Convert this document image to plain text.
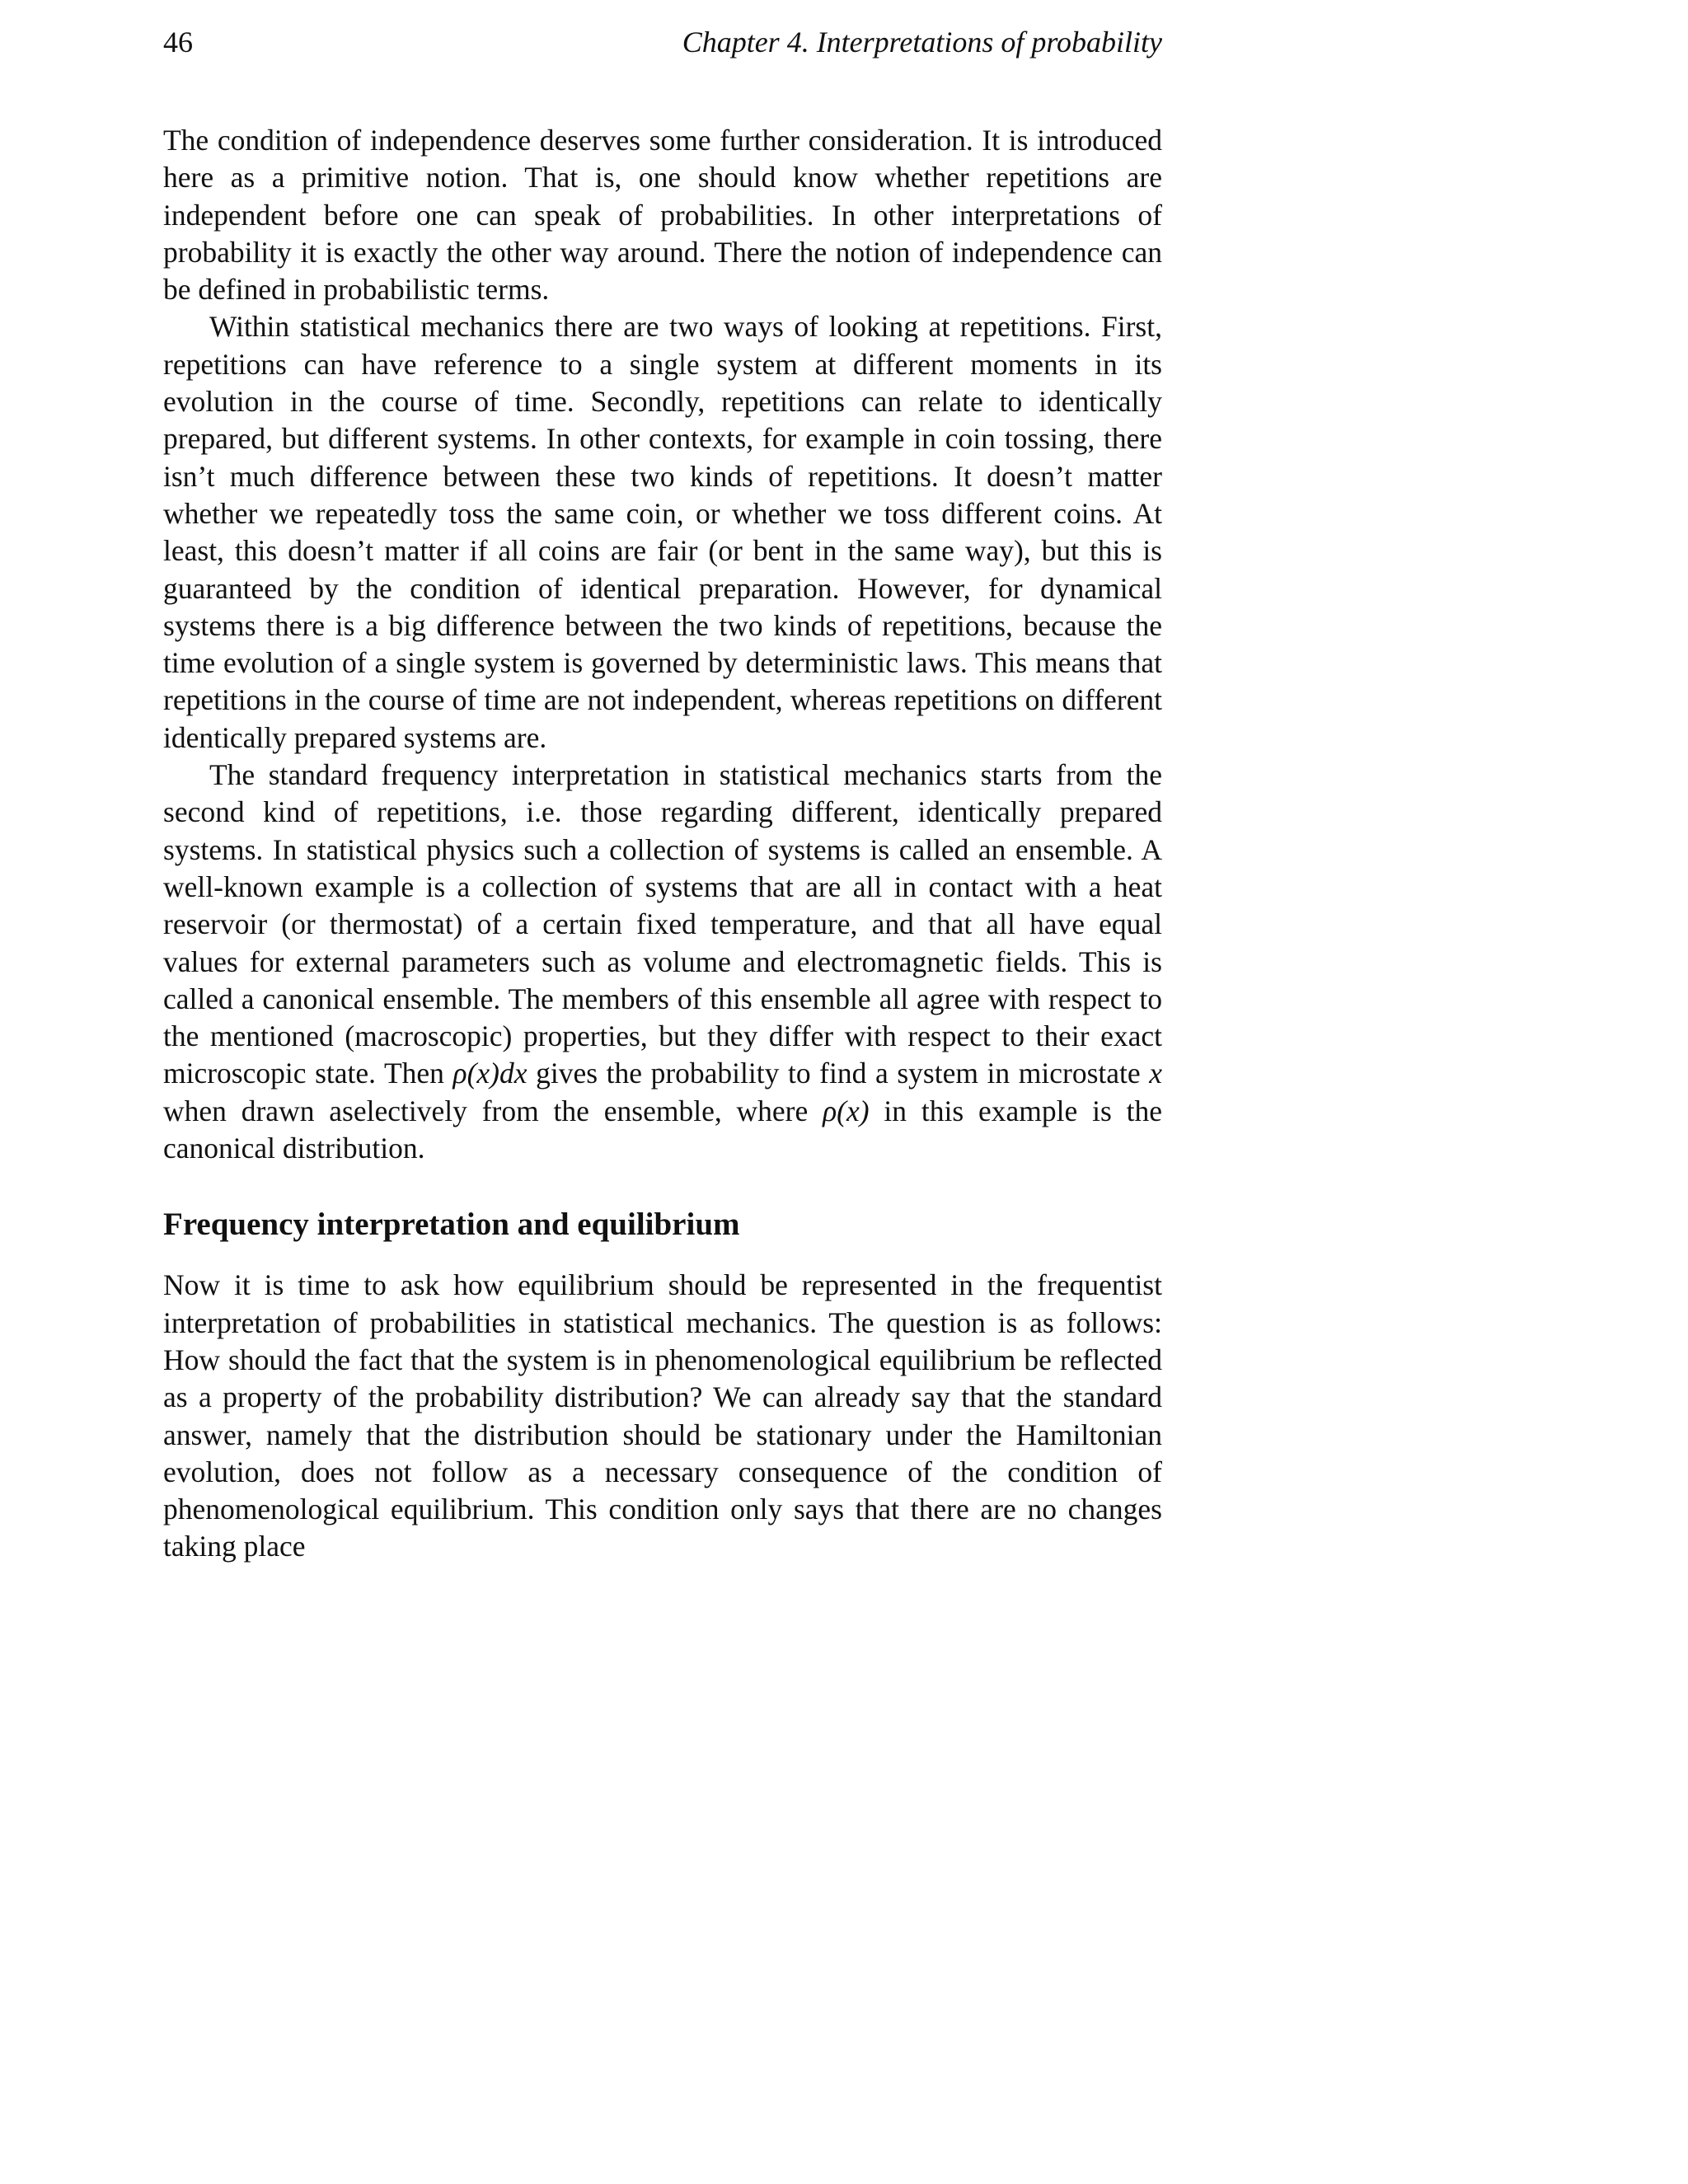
46	Chapter 4. Interpretations of probability

The condition of independence deserves some further consideration. It is introduced here as a primitive notion. That is, one should know whether repetitions are independent before one can speak of probabilities. In other interpretations of probability it is exactly the other way around. There the notion of independence can be defined in probabilistic terms.

Within statistical mechanics there are two ways of looking at repetitions. First, repetitions can have reference to a single system at different moments in its evolution in the course of time. Secondly, repetitions can relate to identically prepared, but different systems. In other contexts, for example in coin tossing, there isn’t much difference between these two kinds of repetitions. It doesn’t matter whether we repeatedly toss the same coin, or whether we toss different coins. At least, this doesn’t matter if all coins are fair (or bent in the same way), but this is guaranteed by the condition of identical preparation. However, for dynamical systems there is a big difference between the two kinds of repetitions, because the time evolution of a single system is governed by deterministic laws. This means that repetitions in the course of time are not independent, whereas repetitions on different identically prepared systems are.

The standard frequency interpretation in statistical mechanics starts from the second kind of repetitions, i.e. those regarding different, identically prepared systems. In statistical physics such a collection of systems is called an ensemble. A well-known example is a collection of systems that are all in contact with a heat reservoir (or thermostat) of a certain fixed temperature, and that all have equal values for external parameters such as volume and electromagnetic fields. This is called a canonical ensemble. The members of this ensemble all agree with respect to the mentioned (macroscopic) properties, but they differ with respect to their exact microscopic state. Then ρ(x)dx gives the probability to find a system in microstate x when drawn aselectively from the ensemble, where ρ(x) in this example is the canonical distribution.

Frequency interpretation and equilibrium

Now it is time to ask how equilibrium should be represented in the frequentist interpretation of probabilities in statistical mechanics. The question is as follows: How should the fact that the system is in phenomenological equilibrium be reflected as a property of the probability distribution? We can already say that the standard answer, namely that the distribution should be stationary under the Hamiltonian evolution, does not follow as a necessary consequence of the condition of phenomenological equilibrium. This condition only says that there are no changes taking place
